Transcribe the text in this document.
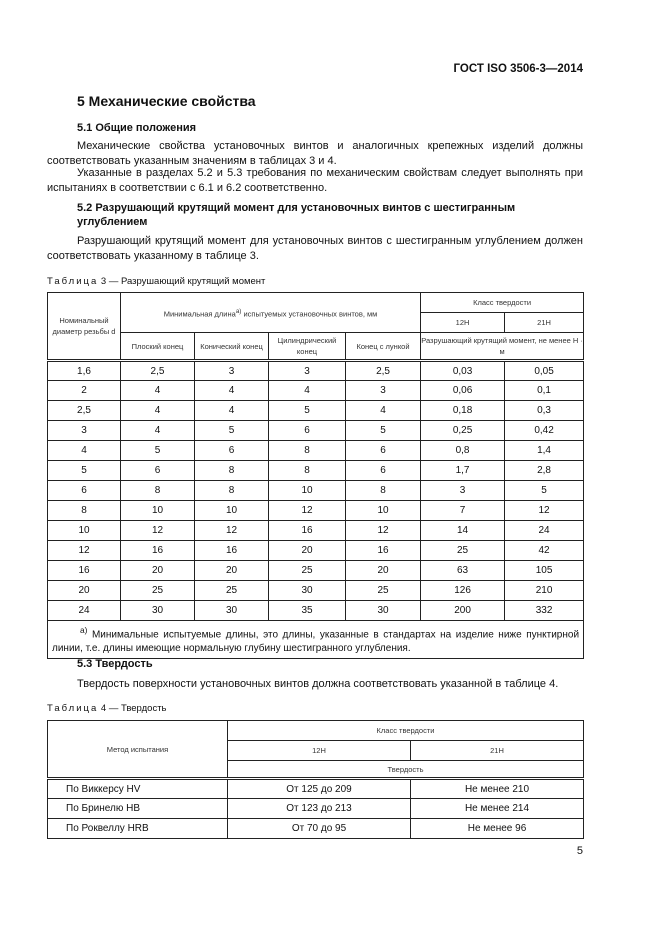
ГОСТ ISO 3506-3—2014
5 Механические свойства
5.1 Общие положения
Механические свойства установочных винтов и аналогичных крепежных изделий должны соответствовать указанным значениям в таблицах 3 и 4.
Указанные в разделах 5.2 и 5.3 требования по механическим свойствам следует выполнять при испытаниях в соответствии с 6.1 и 6.2 соответственно.
5.2 Разрушающий крутящий момент для установочных винтов с шестигранным углублением
Разрушающий крутящий момент для установочных винтов с шестигранным углублением должен соответствовать указанному в таблице 3.
Таблица 3 — Разрушающий крутящий момент
Номинальный диаметр резьбы d	Минимальная длина$^{а)}$ испытуемых установочных винтов, мм				Класс твердости	
					12H	21H
	Плоский конец	Конический конец	Цилиндрический конец	Конец с лункой	Разрушающий крутящий момент, не менее Н · м	
1,6	2,5	3	3	2,5	0,03	0,05
2	4	4	4	3	0,06	0,1
2,5	4	4	5	4	0,18	0,3
3	4	5	6	5	0,25	0,42
4	5	6	8	6	0,8	1,4
5	6	8	8	6	1,7	2,8
6	8	8	10	8	3	5
8	10	10	12	10	7	12
10	12	12	16	12	14	24
12	16	16	20	16	25	42
16	20	20	25	20	63	105
20	25	25	30	25	126	210
24	30	30	35	30	200	332
$^{а)}$ Минимальные испытуемые длины, это длины, указанные в стандартах на изделие ниже пунктирной линии, т.е. длины имеющие нормальную глубину шестигранного углубления.						
5.3 Твердость
Твердость поверхности установочных винтов должна соответствовать указанной в таблице 4.
Таблица 4 — Твердость
Метод испытания	Класс твердости	
	12H	21H
	Твердость	
По Виккерсу HV	От 125 до 209	Не менее 210
По Бринелю HB	От 123 до 213	Не менее 214
По Роквеллу HRB	От 70 до 95	Не менее 96
5
